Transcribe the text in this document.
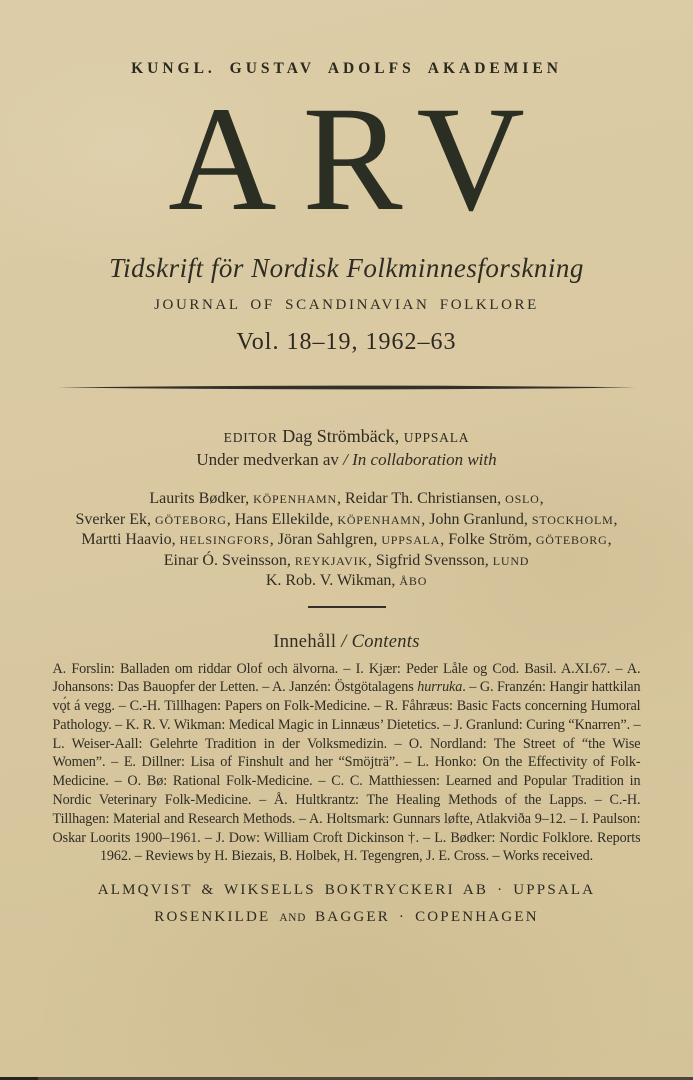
KUNGL. GUSTAV ADOLFS AKADEMIEN
ARV
Tidskrift för Nordisk Folkminnesforskning
JOURNAL OF SCANDINAVIAN FOLKLORE
Vol. 18–19, 1962–63
EDITOR Dag Strömbäck, UPPSALA
Under medverkan av / In collaboration with
Laurits Bødker, KÖPENHAMN, Reidar Th. Christiansen, OSLO,
Sverker Ek, GÖTEBORG, Hans Ellekilde, KÖPENHAMN, John Granlund, STOCKHOLM,
Martti Haavio, HELSINGFORS, Jöran Sahlgren, UPPSALA, Folke Ström, GÖTEBORG,
Einar Ó. Sveinsson, REYKJAVIK, Sigfrid Svensson, LUND
K. Rob. V. Wikman, ÅBO
Innehåll / Contents
A. Forslin: Balladen om riddar Olof och älvorna. – I. Kjær: Peder Låle og Cod. Basil. A.XI.67. – A. Johansons: Das Bauopfer der Letten. – A. Janzén: Östgötalagens hurruka. – G. Franzén: Hangir hattkilan vǫ́t á vegg. – C.-H. Tillhagen: Papers on Folk-Medicine. – R. Fåhræus: Basic Facts concerning Humoral Pathology. – K. R. V. Wikman: Medical Magic in Linnæus’ Dietetics. – J. Granlund: Curing “Knarren”. – L. Weiser-Aall: Gelehrte Tradition in der Volksmedizin. – O. Nordland: The Street of “the Wise Women”. – E. Dillner: Lisa of Finshult and her “Smöjträ”. – L. Honko: On the Effectivity of Folk-Medicine. – O. Bø: Rational Folk-Medicine. – C. C. Matthiessen: Learned and Popular Tradition in Nordic Veterinary Folk-Medicine. – Å. Hultkrantz: The Healing Methods of the Lapps. – C.-H. Tillhagen: Material and Research Methods. – A. Holtsmark: Gunnars løfte, Atlakviða 9–12. – I. Paulson: Oskar Loorits 1900–1961. – J. Dow: William Croft Dickinson †. – L. Bødker: Nordic Folklore. Reports 1962. – Reviews by H. Biezais, B. Holbek, H. Tegengren, J. E. Cross. – Works received.
ALMQVIST & WIKSELLS BOKTRYCKERI AB · UPPSALA
ROSENKILDE AND BAGGER · COPENHAGEN
